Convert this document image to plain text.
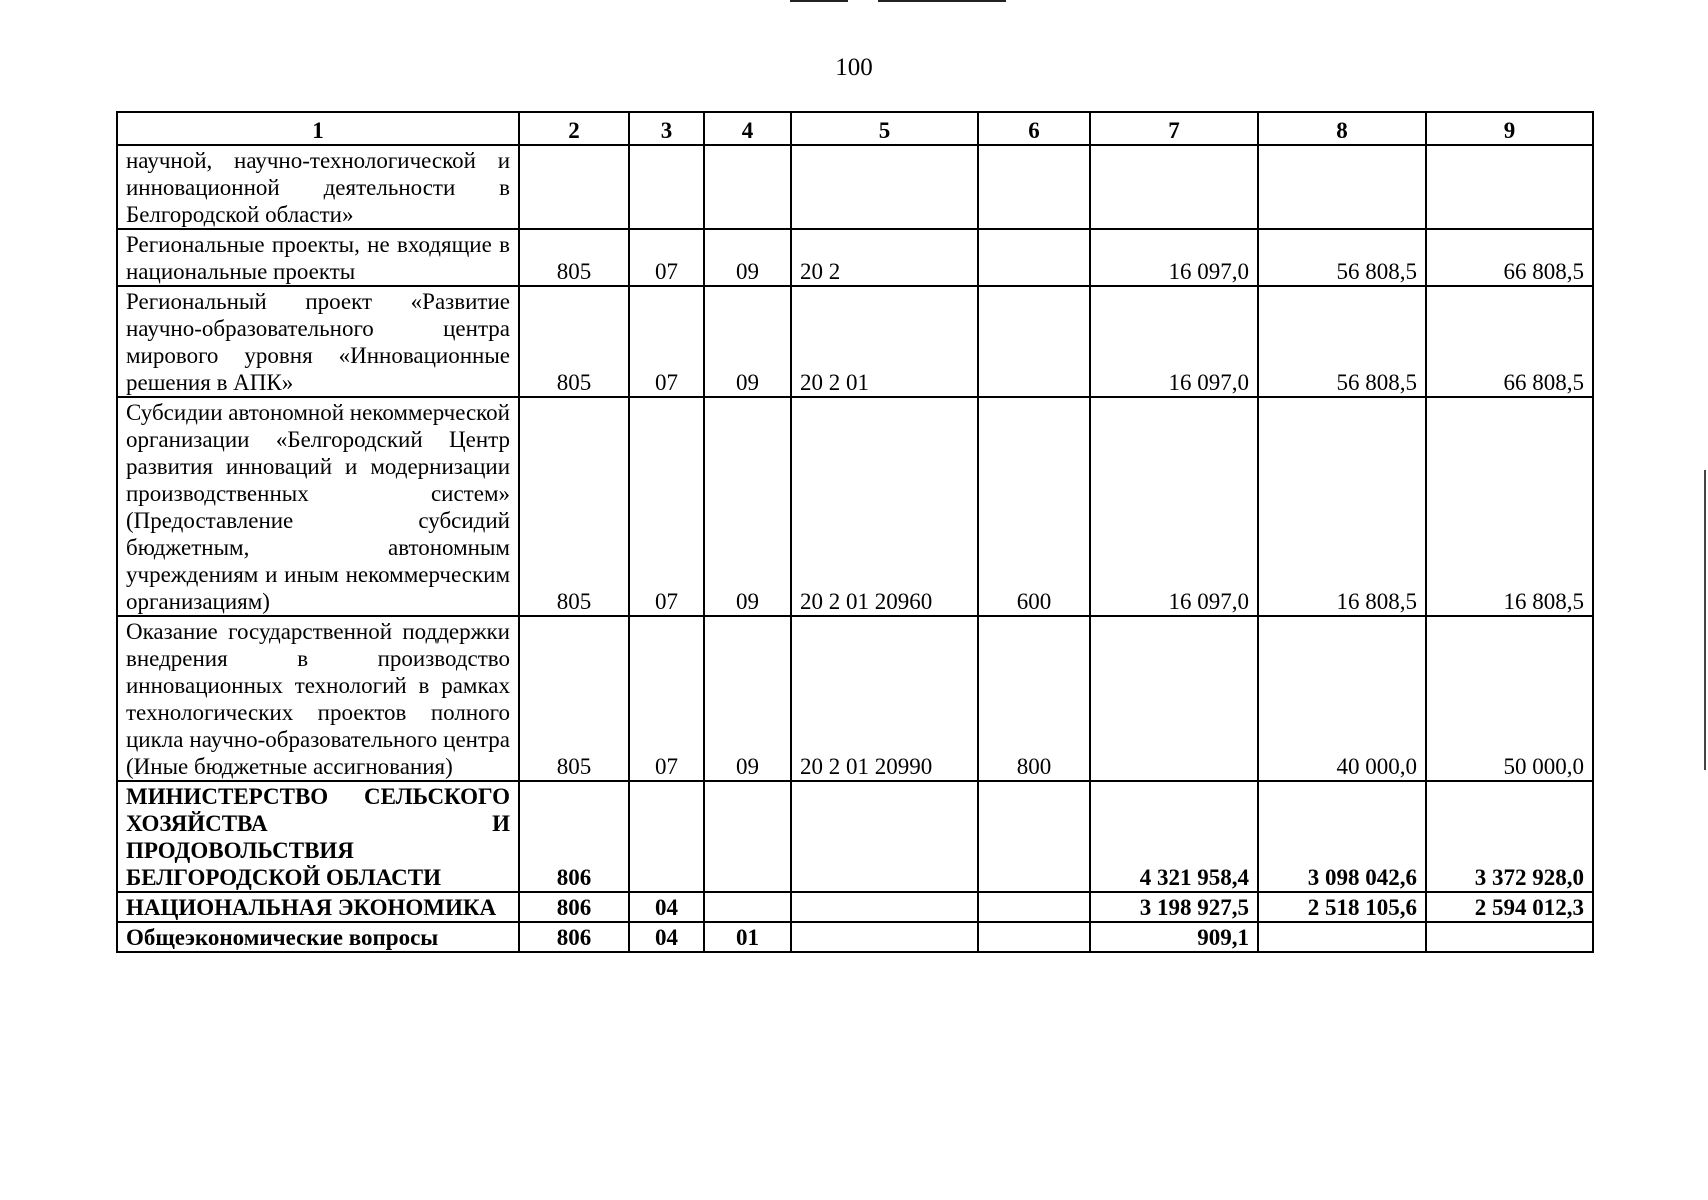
100
1	2	3	4	5	6	7	8	9
научной, научно-технологической и инновационной деятельности в Белгородской области»								
Региональные проекты, не входящие в национальные проекты	805	07	09	20 2		16 097,0	56 808,5	66 808,5
Региональный проект «Развитие научно-образовательного центра мирового уровня «Инновационные решения в АПК»	805	07	09	20 2 01		16 097,0	56 808,5	66 808,5
Субсидии автономной некоммерческой организации «Белгородский Центр развития инноваций и модернизации производственных систем» (Предоставление субсидий бюджетным, автономным учреждениям и иным некоммерческим организациям)	805	07	09	20 2 01 20960	600	16 097,0	16 808,5	16 808,5
Оказание государственной поддержки внедрения в производство инновационных технологий в рамках технологических проектов полного цикла научно-образовательного центра (Иные бюджетные ассигнования)	805	07	09	20 2 01 20990	800		40 000,0	50 000,0
МИНИСТЕРСТВО СЕЛЬСКОГО ХОЗЯЙСТВА И ПРОДОВОЛЬСТВИЯ БЕЛГОРОДСКОЙ ОБЛАСТИ	806					4 321 958,4	3 098 042,6	3 372 928,0
НАЦИОНАЛЬНАЯ ЭКОНОМИКА	806	04				3 198 927,5	2 518 105,6	2 594 012,3
Общеэкономические вопросы	806	04	01			909,1		
